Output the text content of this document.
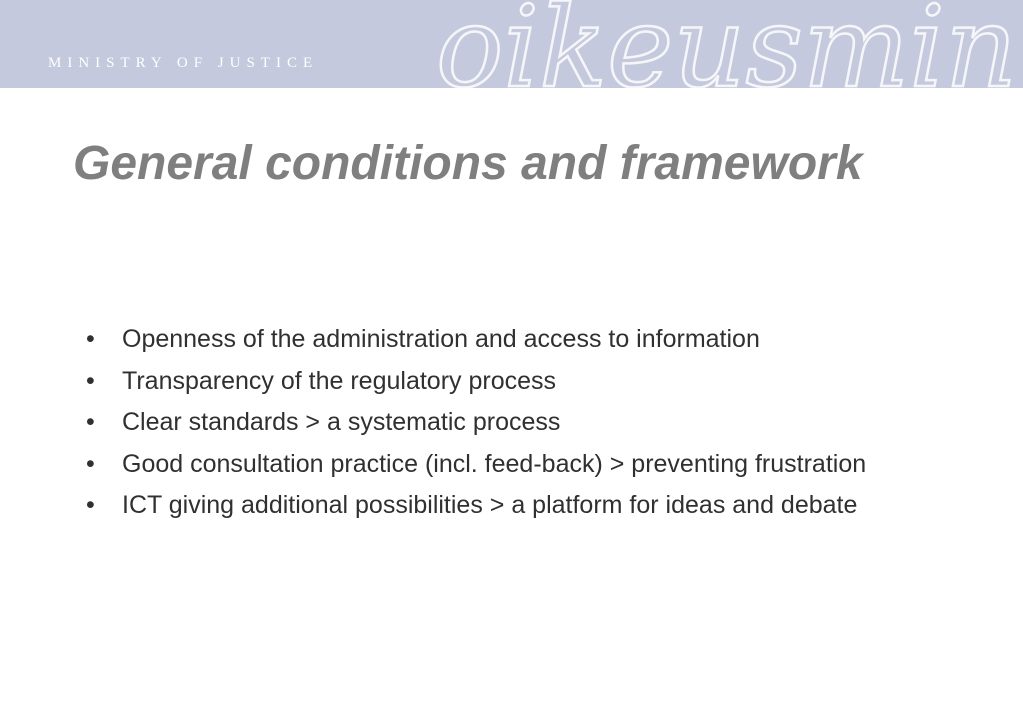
MINISTRY OF JUSTICE oikeusmin
General conditions and framework
•	Openness of the administration and access to information
•	Transparency of the regulatory process
•	Clear standards > a systematic process
•	Good consultation practice (incl. feed-back) > preventing frustration
•	ICT giving additional possibilities > a platform for ideas and debate
